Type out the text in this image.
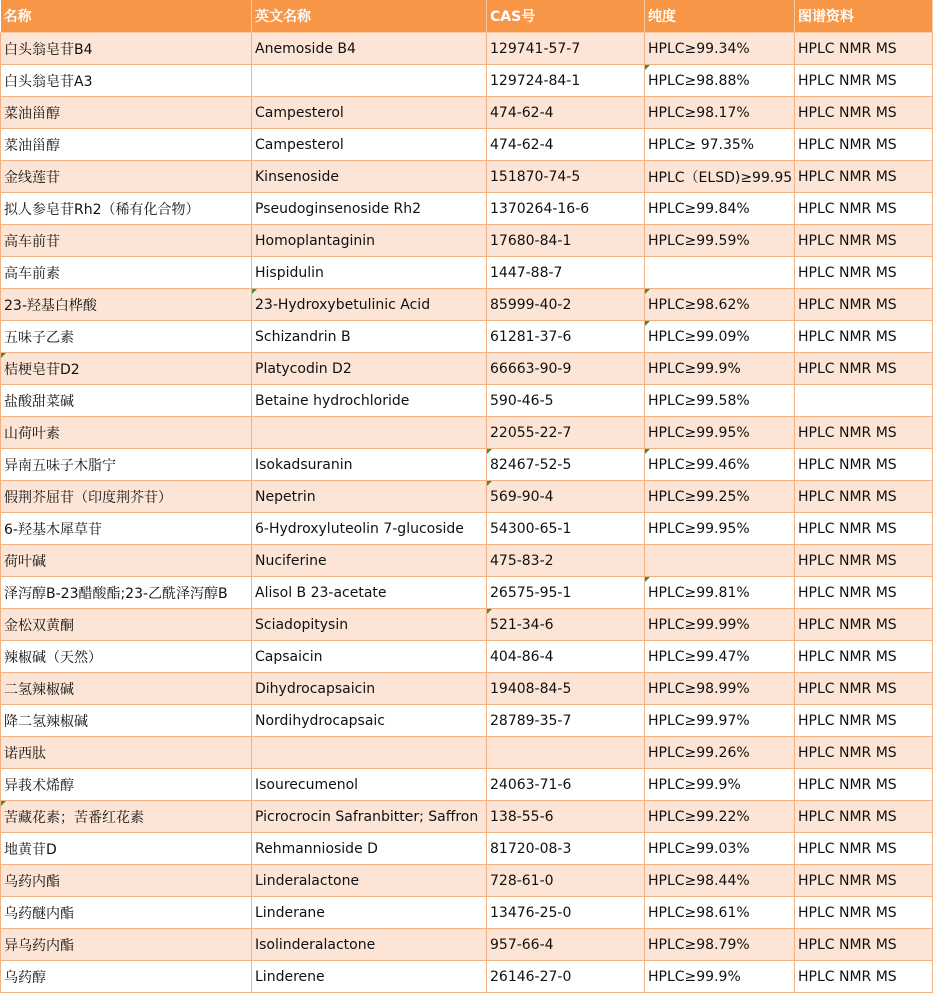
名称	英文名称	CAS号	纯度	图谱资料
白头翁皂苷B4	Anemoside B4	129741-57-7	HPLC≥99.34%	HPLC NMR MS
白头翁皂苷A3		129724-84-1	HPLC≥98.88%	HPLC NMR MS
菜油甾醇	Campesterol	474-62-4	HPLC≥98.17%	HPLC NMR MS
菜油甾醇	Campesterol	474-62-4	HPLC≥ 97.35%	HPLC NMR MS
金线莲苷	Kinsenoside	151870-74-5	HPLC（ELSD)≥99.95	HPLC NMR MS
拟人参皂苷Rh2（稀有化合物）	Pseudoginsenoside Rh2	1370264-16-6	HPLC≥99.84%	HPLC NMR MS
高车前苷	Homoplantaginin	17680-84-1	HPLC≥99.59%	HPLC NMR MS
高车前素	Hispidulin	1447-88-7		HPLC NMR MS
23-羟基白桦酸	23-Hydroxybetulinic Acid	85999-40-2	HPLC≥98.62%	HPLC NMR MS
五味子乙素	Schizandrin B	61281-37-6	HPLC≥99.09%	HPLC NMR MS
桔梗皂苷D2	Platycodin D2	66663-90-9	HPLC≥99.9%	HPLC NMR MS
盐酸甜菜碱	Betaine hydrochloride	590-46-5	HPLC≥99.58%	
山荷叶素		22055-22-7	HPLC≥99.95%	HPLC NMR MS
异南五味子木脂宁	Isokadsuranin	82467-52-5	HPLC≥99.46%	HPLC NMR MS
假荆芥屈苷（印度荆芥苷）	Nepetrin	569-90-4	HPLC≥99.25%	HPLC NMR MS
6-羟基木犀草苷	6-Hydroxyluteolin 7-glucoside	54300-65-1	HPLC≥99.95%	HPLC NMR MS
荷叶碱	Nuciferine	475-83-2		HPLC NMR MS
泽泻醇B-23醋酸酯;23-乙酰泽泻醇B	Alisol B 23-acetate	26575-95-1	HPLC≥99.81%	HPLC NMR MS
金松双黄酮	Sciadopitysin	521-34-6	HPLC≥99.99%	HPLC NMR MS
辣椒碱（天然）	Capsaicin	404-86-4	HPLC≥99.47%	HPLC NMR MS
二氢辣椒碱	Dihydrocapsaicin	19408-84-5	HPLC≥98.99%	HPLC NMR MS
降二氢辣椒碱	Nordihydrocapsaic	28789-35-7	HPLC≥99.97%	HPLC NMR MS
诺西肽			HPLC≥99.26%	HPLC NMR MS
异莪术烯醇	Isourecumenol	24063-71-6	HPLC≥99.9%	HPLC NMR MS
苦藏花素；苦番红花素	Picrocrocin Safranbitter; Saffron	138-55-6	HPLC≥99.22%	HPLC NMR MS
地黄苷D	Rehmannioside D	81720-08-3	HPLC≥99.03%	HPLC NMR MS
乌药内酯	Linderalactone	728-61-0	HPLC≥98.44%	HPLC NMR MS
乌药醚内酯	Linderane	13476-25-0	HPLC≥98.61%	HPLC NMR MS
异乌药内酯	Isolinderalactone	957-66-4	HPLC≥98.79%	HPLC NMR MS
乌药醇	Linderene	26146-27-0	HPLC≥99.9%	HPLC NMR MS
